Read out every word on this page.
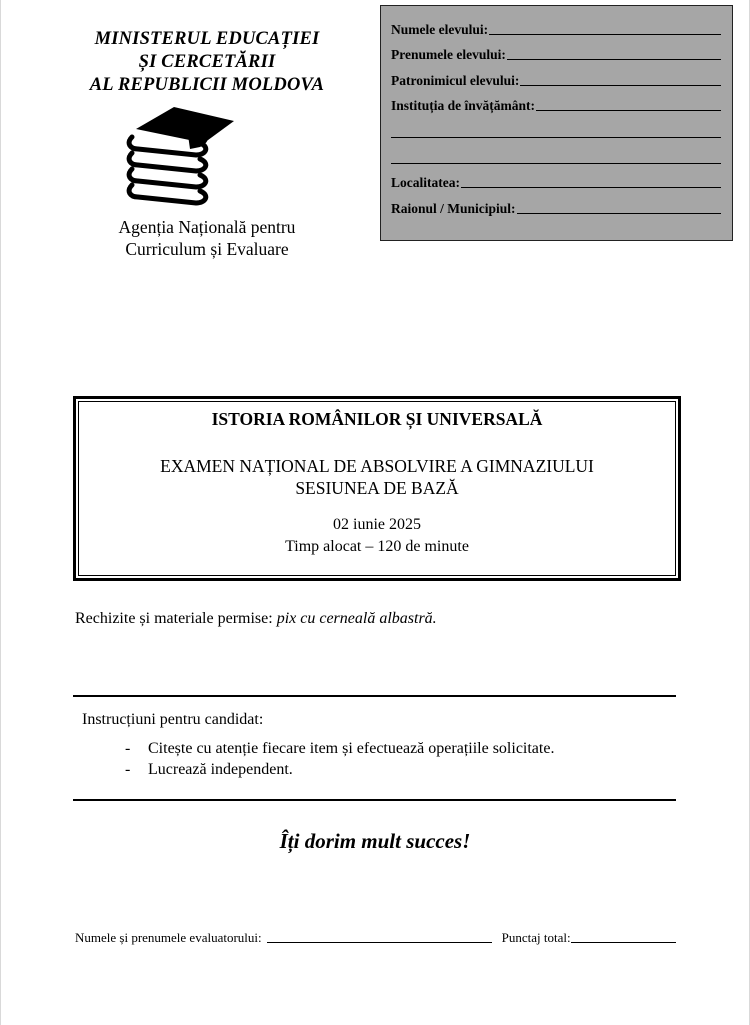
MINISTERUL EDUCAȚIEI
ȘI CERCETĂRII
AL REPUBLICII MOLDOVA
Agenția Națională pentru
Curriculum și Evaluare
Numele elevului:
Prenumele elevului:
Patronimicul elevului:
Instituția de învățământ:
Localitatea:
Raionul / Municipiul:
ISTORIA ROMÂNILOR ȘI UNIVERSALĂ
EXAMEN NAȚIONAL DE ABSOLVIRE A GIMNAZIULUI
SESIUNEA DE BAZĂ
02 iunie 2025
Timp alocat – 120 de minute
Rechizite și materiale permise: pix cu cerneală albastră.
Instrucțiuni pentru candidat:
- Citește cu atenție fiecare item și efectuează operațiile solicitate.
- Lucrează independent.
Îți dorim mult succes!
Numele și prenumele evaluatorului:	Punctaj total:
